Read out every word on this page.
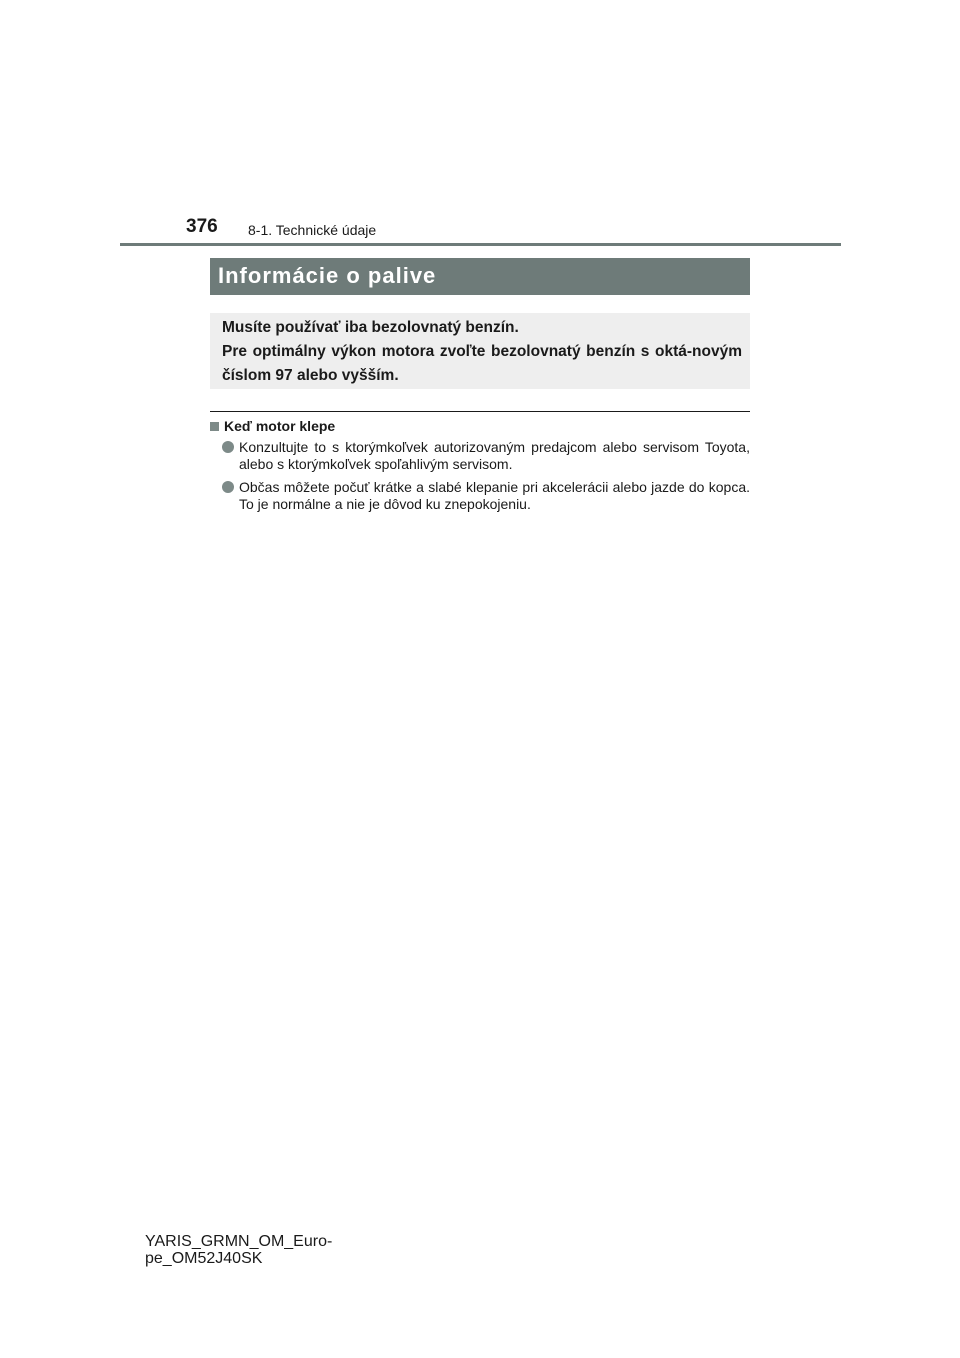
376 8-1. Technické údaje
Informácie o palive

Musíte používať iba bezolovnatý benzín.

Pre optimálny výkon motora zvoľte bezolovnatý benzín s oktá-novým číslom 97 alebo vyšším.

Keď motor klepe
Konzultujte to s ktorýmkoľvek autorizovaným predajcom alebo servisom Toyota, alebo s ktorýmkoľvek spoľahlivým servisom.
Občas môžete počuť krátke a slabé klepanie pri akcelerácii alebo jazde do kopca. To je normálne a nie je dôvod ku znepokojeniu.
YARIS_GRMN_OM_Euro-
pe_OM52J40SK
